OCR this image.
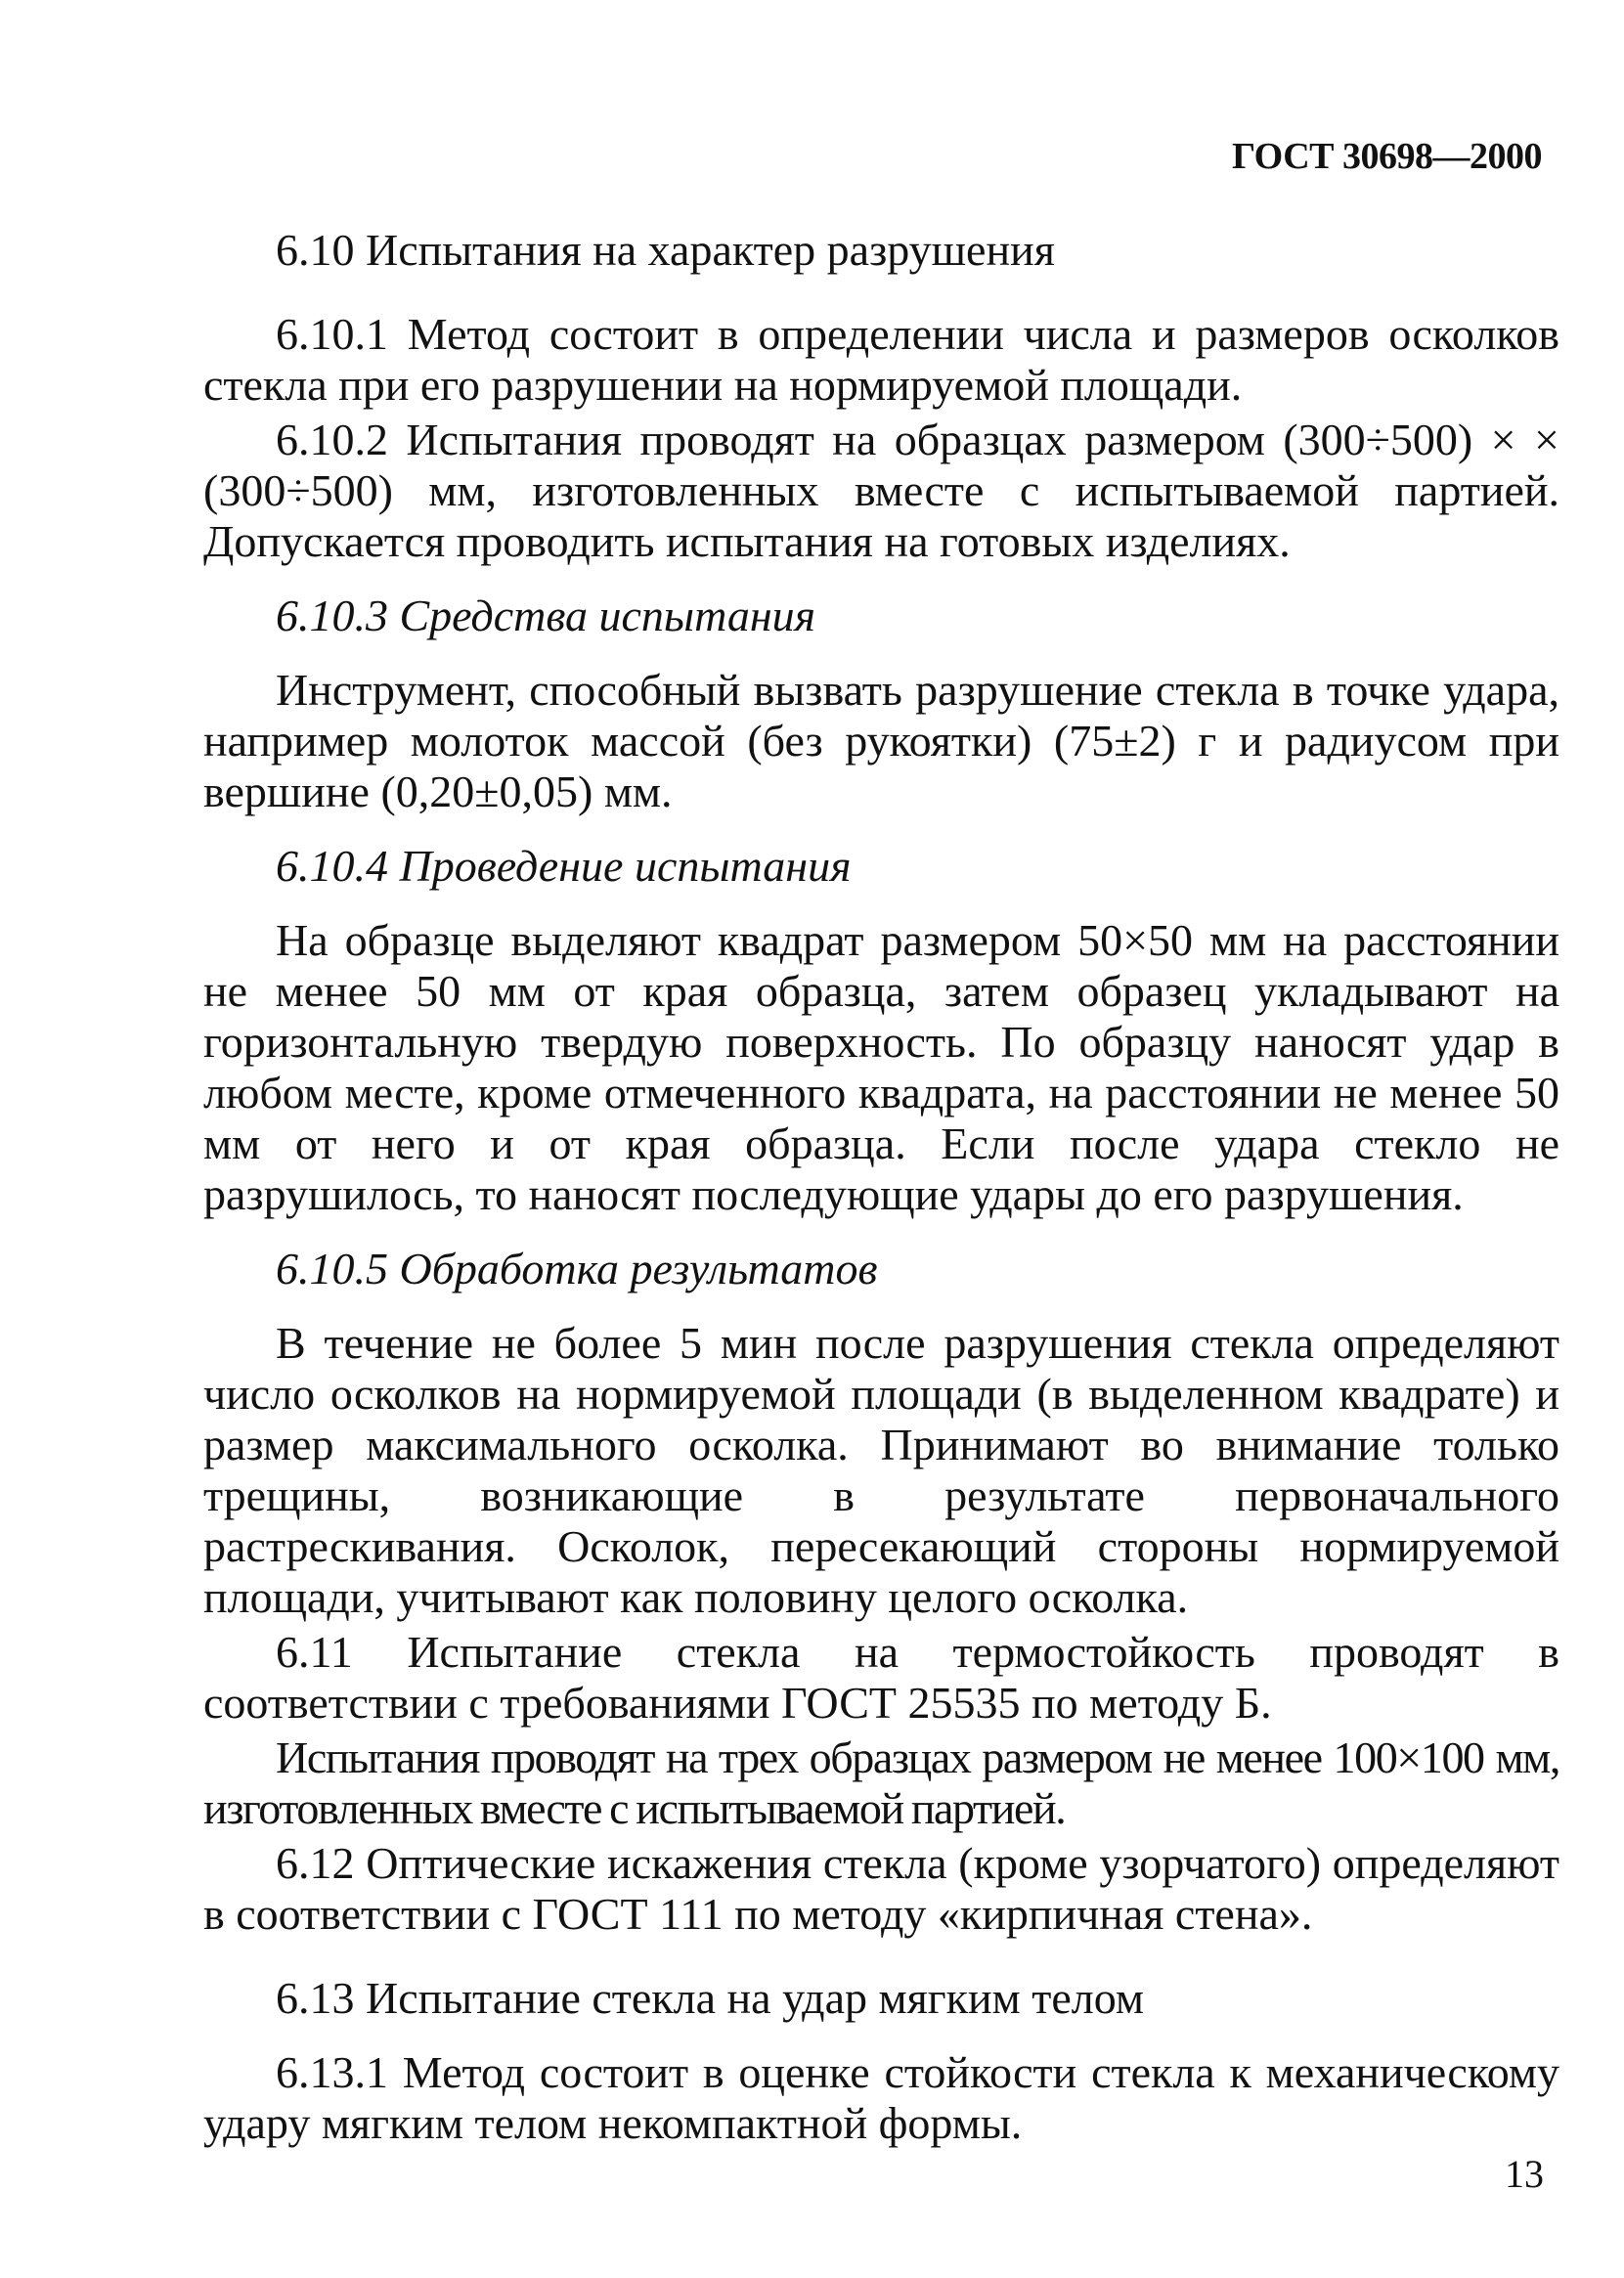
ГОСТ 30698—2000

6.10 Испытания на характер разрушения

6.10.1 Метод состоит в определении числа и размеров осколков стекла при его разрушении на нормируемой площади.

6.10.2 Испытания проводят на образцах размером (300÷500) × × (300÷500) мм, изготовленных вместе с испытываемой партией. Допускается проводить испытания на готовых изделиях.

6.10.3 Средства испытания

Инструмент, способный вызвать разрушение стекла в точке удара, например молоток массой (без рукоятки) (75±2) г и радиусом при вершине (0,20±0,05) мм.

6.10.4 Проведение испытания

На образце выделяют квадрат размером 50×50 мм на расстоянии не менее 50 мм от края образца, затем образец укладывают на горизонтальную твердую поверхность. По образцу наносят удар в любом месте, кроме отмеченного квадрата, на расстоянии не менее 50 мм от него и от края образца. Если после удара стекло не разрушилось, то наносят последующие удары до его разрушения.

6.10.5 Обработка результатов

В течение не более 5 мин после разрушения стекла определяют число осколков на нормируемой площади (в выделенном квадрате) и размер максимального осколка. Принимают во внимание только трещины, возникающие в результате первоначального растрескивания. Осколок, пересекающий стороны нормируемой площади, учитывают как половину целого осколка.

6.11 Испытание стекла на термостойкость проводят в соответствии с требованиями ГОСТ 25535 по методу Б.

Испытания проводят на трех образцах размером не менее 100×100 мм, изготовленных вместе с испытываемой партией.

6.12 Оптические искажения стекла (кроме узорчатого) определяют в соответствии с ГОСТ 111 по методу «кирпичная стена».

6.13 Испытание стекла на удар мягким телом

6.13.1 Метод состоит в оценке стойкости стекла к механическому удару мягким телом некомпактной формы.

13
